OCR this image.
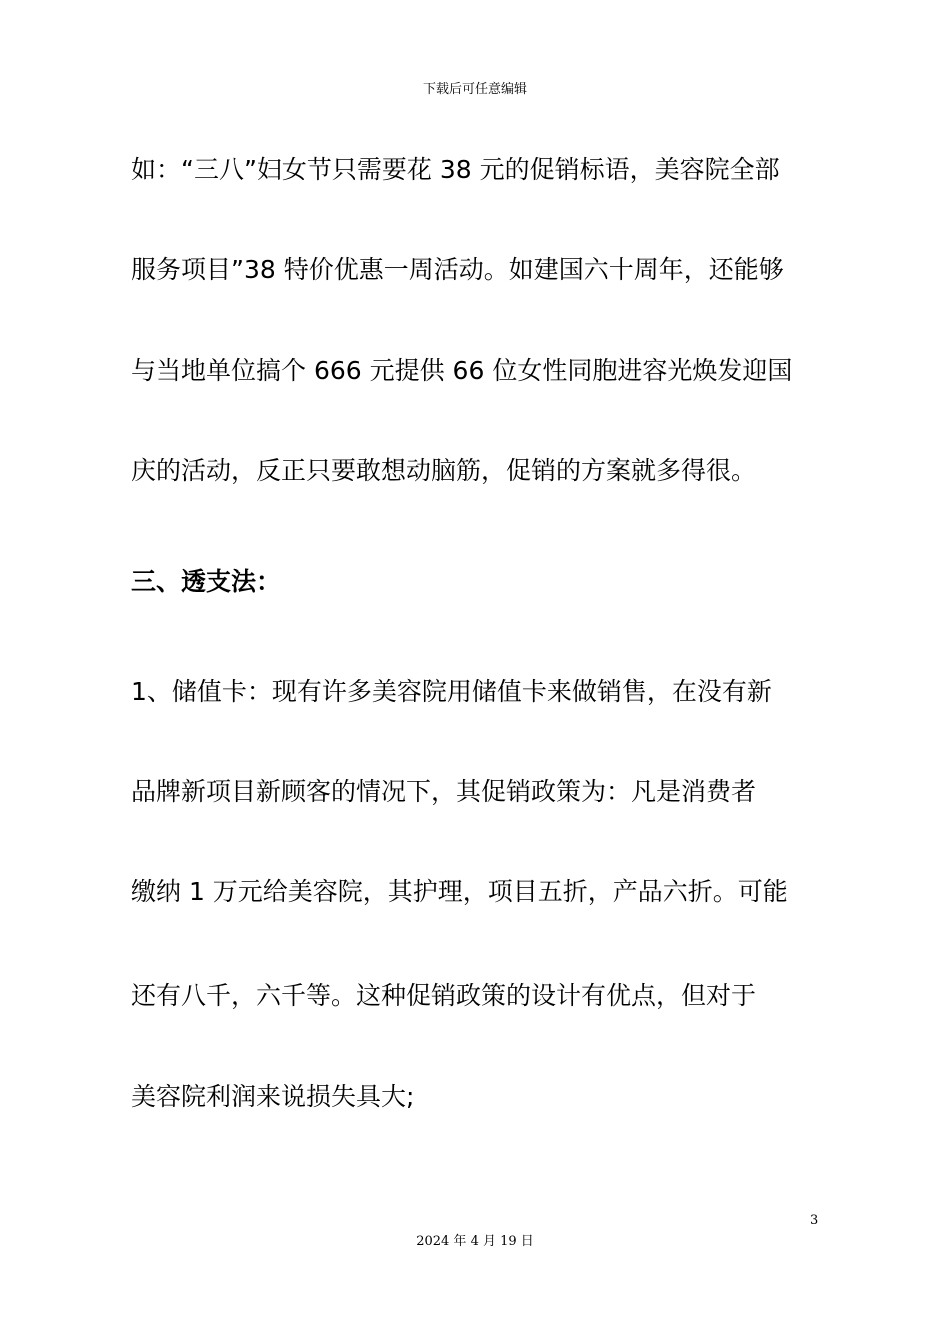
下载后可任意编辑
如：“三八”妇女节只需要花 38 元的促销标语，美容院全部
服务项目”38 特价优惠一周活动。如建国六十周年，还能够
与当地单位搞个 666 元提供 66 位女性同胞进容光焕发迎国
庆的活动，反正只要敢想动脑筋，促销的方案就多得很。
三、透支法：
1、储值卡：现有许多美容院用储值卡来做销售，在没有新
品牌新项目新顾客的情况下，其促销政策为：凡是消费者
缴纳 1 万元给美容院，其护理，项目五折，产品六折。可能
还有八千，六千等。这种促销政策的设计有优点，但对于
美容院利润来说损失具大;
3
2024 年 4 月 19 日
